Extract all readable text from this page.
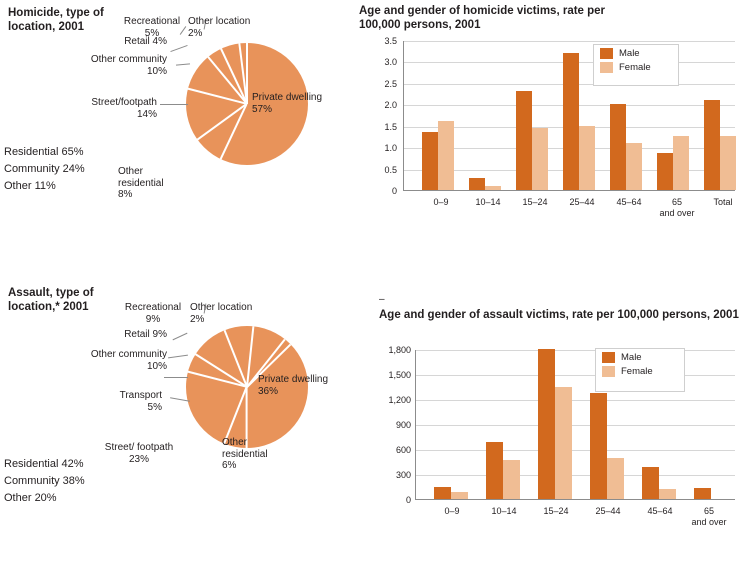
Homicide, type of location, 2001	Recreational
5%
Other location
2%
Retail 4%
Other community
10%
Street/footpath
14%
Private dwelling
57%
Other residential
8%
Residential 65%
Community 24%
Other 11%
Age and gender of homicide victims, rate per 100,000 persons, 2001
3.5
3.0
2.5
2.0
1.5
1.0
0.5
0
0–9	10–14	15–24	25–44	45–64	65
and over
Total
Male
Female
Assault, type of location,* 2001	Recreational
9%
Other location
2%
Retail 9%
Other community
10%
Transport
5%
Street/ footpath
23%
Private dwelling
36%
Other residential
6%
Residential 42%
Community 38%
Other 20%
–
Age and gender of assault victims, rate per 100,000 persons, 2001
1,800
1,500
1,200
900
600
300
0
0–9	10–14	15–24	25–44	45–64	65
and over
Male
Female
